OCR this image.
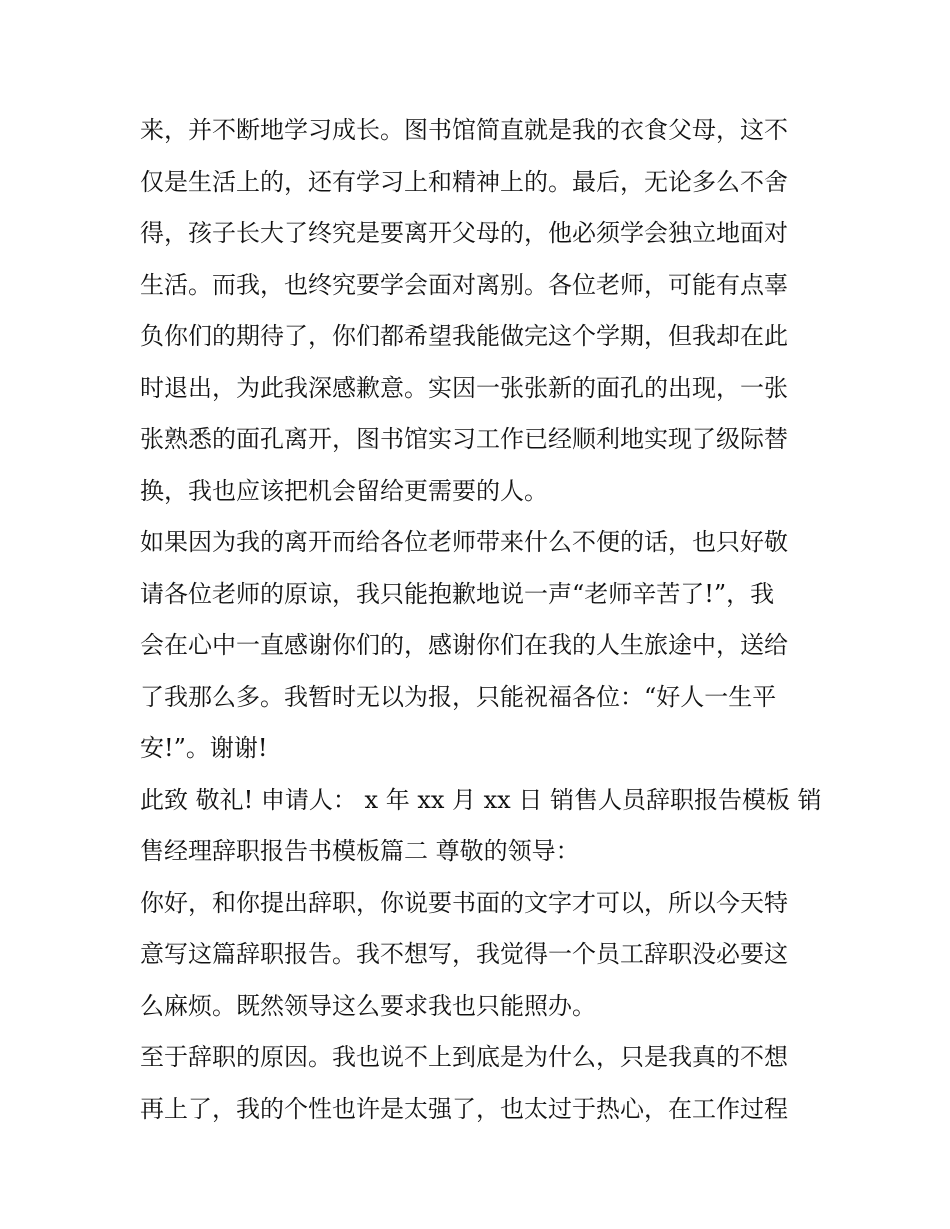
来，并不断地学习成长。图书馆简直就是我的衣食父母，这不
仅是生活上的，还有学习上和精神上的。最后，无论多么不舍
得，孩子长大了终究是要离开父母的，他必须学会独立地面对
生活。而我，也终究要学会面对离别。各位老师，可能有点辜
负你们的期待了，你们都希望我能做完这个学期，但我却在此
时退出，为此我深感歉意。实因一张张新的面孔的出现，一张
张熟悉的面孔离开，图书馆实习工作已经顺利地实现了级际替
换，我也应该把机会留给更需要的人。
如果因为我的离开而给各位老师带来什么不便的话，也只好敬
请各位老师的原谅，我只能抱歉地说一声“老师辛苦了!”，我
会在心中一直感谢你们的，感谢你们在我的人生旅途中，送给
了我那么多。我暂时无以为报，只能祝福各位：“好人一生平
安!”。谢谢!
此致 敬礼! 申请人： x 年 xx 月 xx 日 销售人员辞职报告模板 销
售经理辞职报告书模板篇二 尊敬的领导：
你好，和你提出辞职，你说要书面的文字才可以，所以今天特
意写这篇辞职报告。我不想写，我觉得一个员工辞职没必要这
么麻烦。既然领导这么要求我也只能照办。
至于辞职的原因。我也说不上到底是为什么，只是我真的不想
再上了，我的个性也许是太强了，也太过于热心，在工作过程
